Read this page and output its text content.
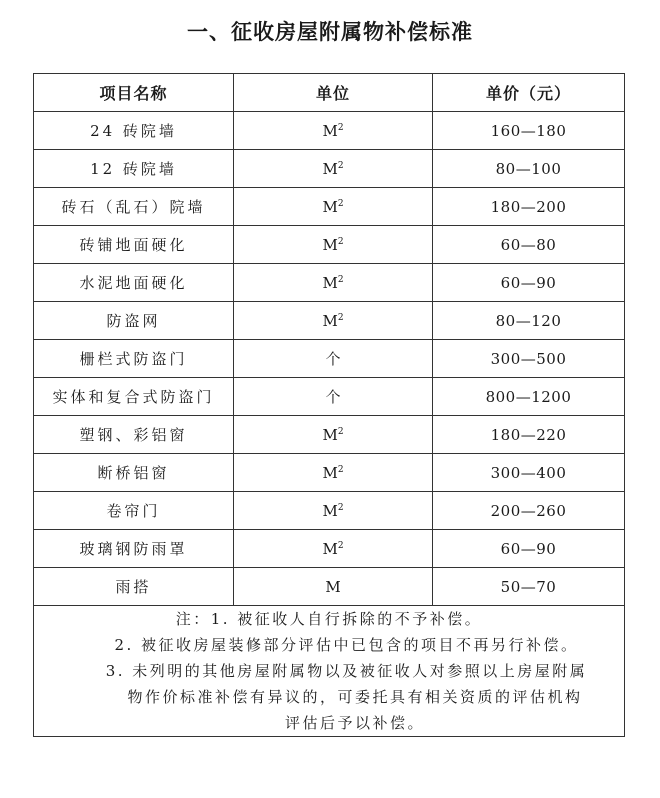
一、征收房屋附属物补偿标准
项目名称	单位	单价（元）
24 砖院墙	$M^2$	160—180
12 砖院墙	$M^2$	80—100
砖石（乱石）院墙	$M^2$	180—200
砖铺地面硬化	$M^2$	60—80
水泥地面硬化	$M^2$	60—90
防盗网	$M^2$	80—120
栅栏式防盗门	个	300—500
实体和复合式防盗门	个	800—1200
塑钢、彩铝窗	$M^2$	180—220
断桥铝窗	$M^2$	300—400
卷帘门	$M^2$	200—260
玻璃钢防雨罩	$M^2$	60—90
雨搭	M	50—70

注：1. 被征收人自行拆除的不予补偿。
2. 被征收房屋装修部分评估中已包含的项目不再另行补偿。
3. 未列明的其他房屋附属物以及被征收人对参照以上房屋附属
物作价标准补偿有异议的，可委托具有相关资质的评估机构
评估后予以补偿。		
